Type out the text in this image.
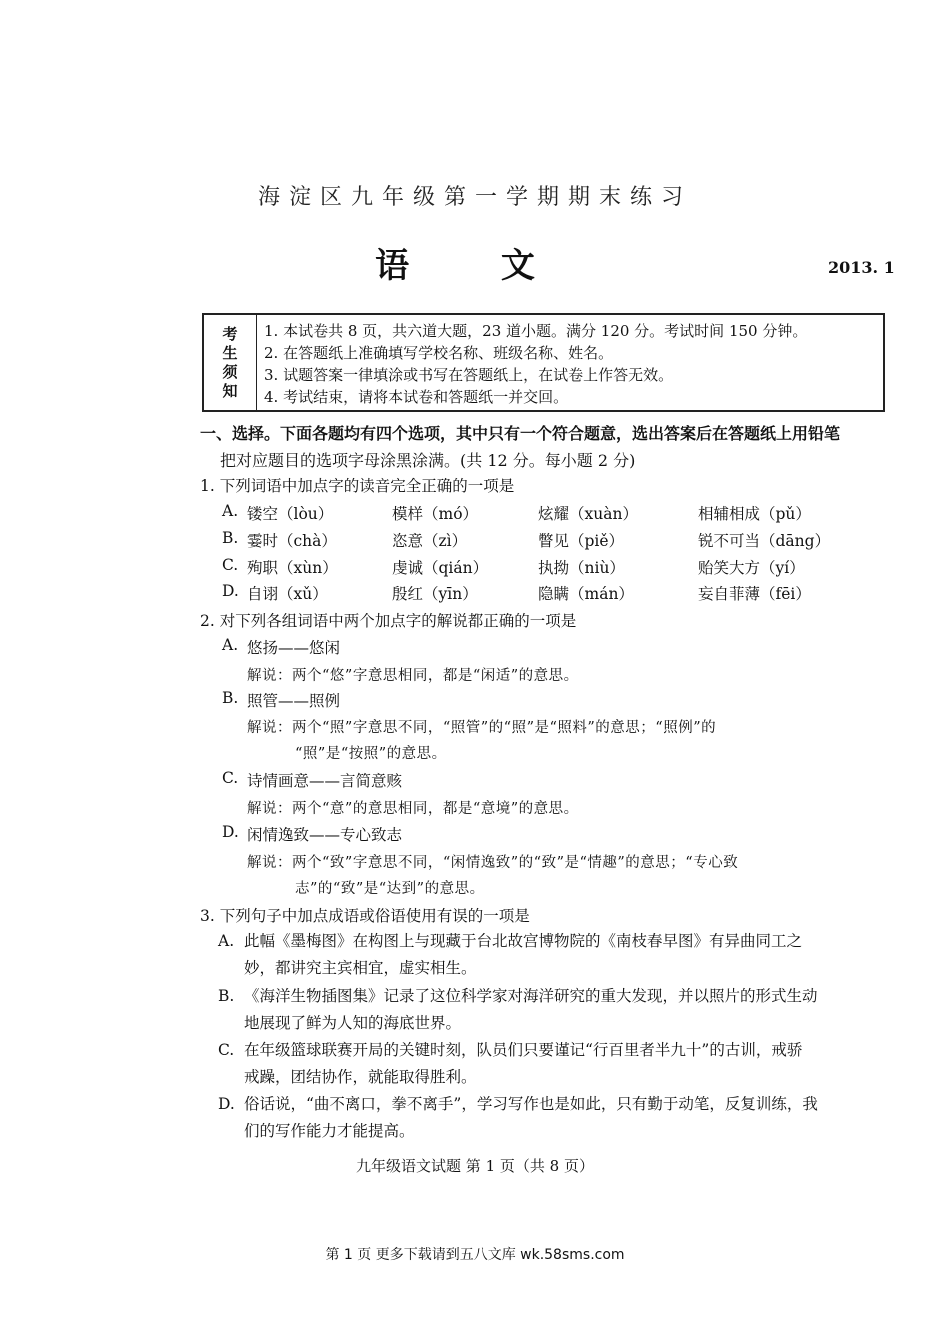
海淀区九年级第一学期期末练习
语 文	2013. 1
考
生
须
知
1. 本试卷共 8 页，共六道大题，23 道小题。满分 120 分。考试时间 150 分钟。
2. 在答题纸上准确填写学校名称、班级名称、姓名。
3. 试题答案一律填涂或书写在答题纸上，在试卷上作答无效。
4. 考试结束，请将本试卷和答题纸一并交回。
一、选择。下面各题均有四个选项，其中只有一个符合题意，选出答案后在答题纸上用铅笔
把对应题目的选项字母涂黑涂满。(共 12 分。每小题 2 分)
1. 下列词语中加点字的读音完全正确的一项是
A. 镂空（lòu）	模样（mó）	炫耀（xuàn）	相辅相成（pǔ）
B. 霎时（chà）	恣意（zì）	瞥见（piě）	锐不可当（dāng）
C. 殉职（xùn）	虔诚（qián）	执拗（niù）	贻笑大方（yí）
D. 自诩（xǔ）	殷红（yīn）	隐瞒（mán）	妄自菲薄（fēi）
2. 对下列各组词语中两个加点字的解说都正确的一项是
A. 悠扬——悠闲
解说：两个“悠”字意思相同，都是“闲适”的意思。
B. 照管——照例
解说：两个“照”字意思不同，“照管”的“照”是“照料”的意思；“照例”的
“照”是“按照”的意思。
C. 诗情画意——言简意赅
解说：两个“意”的意思相同，都是“意境”的意思。
D. 闲情逸致——专心致志
解说：两个“致”字意思不同，“闲情逸致”的“致”是“情趣”的意思；“专心致
志”的“致”是“达到”的意思。
3. 下列句子中加点成语或俗语使用有误的一项是
A. 此幅《墨梅图》在构图上与现藏于台北故宫博物院的《南枝春早图》有异曲同工之
妙，都讲究主宾相宜，虚实相生。
B. 《海洋生物插图集》记录了这位科学家对海洋研究的重大发现，并以照片的形式生动
地展现了鲜为人知的海底世界。
C. 在年级篮球联赛开局的关键时刻，队员们只要谨记“行百里者半九十”的古训，戒骄
戒躁，团结协作，就能取得胜利。
D. 俗话说，“曲不离口，拳不离手”，学习写作也是如此，只有勤于动笔，反复训练，我
们的写作能力才能提高。
九年级语文试题 第 1 页（共 8 页）
第 1 页 更多下载请到五八文库 wk.58sms.com
